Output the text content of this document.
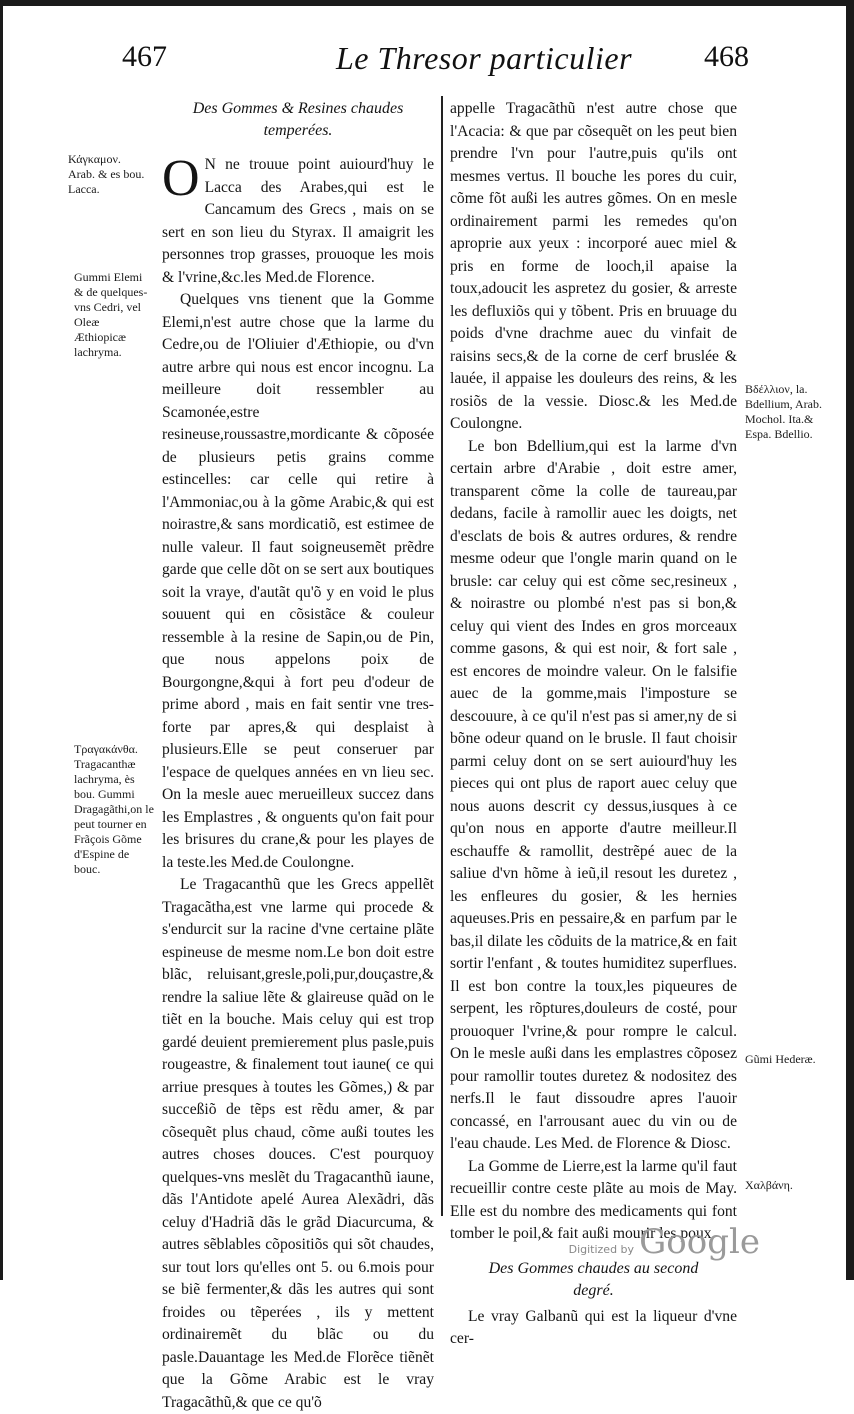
467	Le Thresor particulier 468
Des Gommes & Resines chaudes temperées.

O N ne trouue point auiourd'huy le Lacca des Arabes,qui est le Cancamum des Grecs , mais on se sert en son lieu du Styrax. Il amaigrit les personnes trop grasses, prouoque les mois & l'vrine,&c.les Med.de Florence.

Quelques vns tienent que la Gomme Elemi,n'est autre chose que la larme du Cedre,ou de l'Oliuier d'Æthiopie, ou d'vn autre arbre qui nous est encor incognu. La meilleure doit ressembler au Scamonée,estre resineuse,roussastre,mordicante & cõposée de plusieurs petis grains comme estincelles: car celle qui retire à l'Ammoniac,ou à la gõme Arabic,& qui est noirastre,& sans mordicatiõ, est estimee de nulle valeur. Il faut soigneusemẽt prẽdre garde que celle dõt on se sert aux boutiques soit la vraye, d'autãt qu'õ y en void le plus souuent qui en cõsistãce & couleur ressemble à la resine de Sapin,ou de Pin, que nous appelons poix de Bourgongne,&qui à fort peu d'odeur de prime abord , mais en fait sentir vne tres-forte par apres,& qui desplaist à plusieurs.Elle se peut conseruer par l'espace de quelques années en vn lieu sec. On la mesle auec merueilleux succez dans les Emplastres , & onguents qu'on fait pour les brisures du crane,& pour les playes de la teste.les Med.de Coulongne.

Le Tragacanthũ que les Grecs appellẽt Tragacãtha,est vne larme qui procede & s'endurcit sur la racine d'vne certaine plãte espineuse de mesme nom.Le bon doit estre blãc, reluisant,gresle,poli,pur,douçastre,& rendre la saliue lẽte & glaireuse quãd on le tiẽt en la bouche. Mais celuy qui est trop gardé deuient premierement plus pasle,puis rougeastre, & finalement tout iaune( ce qui arriue presques à toutes les Gõmes,) & par succeßiõ de tẽps est rẽdu amer, & par cõsequẽt plus chaud, cõme außi toutes les autres choses douces. C'est pourquoy quelques-vns meslẽt du Tragacanthũ iaune, dãs l'Antidote apelé Aurea Alexãdri, dãs celuy d'Hadriã dãs le grãd Diacurcuma, & autres sẽblables cõpositiõs qui sõt chaudes, sur tout lors qu'elles ont 5. ou 6.mois pour se biẽ fermenter,& dãs les autres qui sont froides ou tẽperées , ils y mettent ordinairemẽt du blãc ou du pasle.Dauantage les Med.de Florẽce tiẽnẽt que la Gõme Arabic est le vray Tragacãthũ,& que ce qu'õ

appelle Tragacãthũ n'est autre chose que l'Acacia: & que par cõsequẽt on les peut bien prendre l'vn pour l'autre,puis qu'ils ont mesmes vertus. Il bouche les pores du cuir, cõme fõt außi les autres gõmes. On en mesle ordinairement parmi les remedes qu'on aproprie aux yeux : incorporé auec miel & pris en forme de looch,il apaise la toux,adoucit les aspretez du gosier, & arreste les defluxiõs qui y tõbent. Pris en bruuage du poids d'vne drachme auec du vinfait de raisins secs,& de la corne de cerf bruslée & lauée, il appaise les douleurs des reins, & les rosiõs de la vessie. Diosc.& les Med.de Coulongne.

Le bon Bdellium,qui est la larme d'vn certain arbre d'Arabie , doit estre amer, transparent cõme la colle de taureau,par dedans, facile à ramollir auec les doigts, net d'esclats de bois & autres ordures, & rendre mesme odeur que l'ongle marin quand on le brusle: car celuy qui est cõme sec,resineux , & noirastre ou plombé n'est pas si bon,& celuy qui vient des Indes en gros morceaux comme gasons, & qui est noir, & fort sale , est encores de moindre valeur. On le falsifie auec de la gomme,mais l'imposture se descouure, à ce qu'il n'est pas si amer,ny de si bõne odeur quand on le brusle. Il faut choisir parmi celuy dont on se sert auiourd'huy les pieces qui ont plus de raport auec celuy que nous auons descrit cy dessus,iusques à ce qu'on nous en apporte d'autre meilleur.Il eschauffe & ramollit, destrẽpé auec de la saliue d'vn hõme à ieũ,il resout les duretez , les enfleures du gosier, & les hernies aqueuses.Pris en pessaire,& en parfum par le bas,il dilate les cõduits de la matrice,& en fait sortir l'enfant , & toutes humiditez superflues. Il est bon contre la toux,les piqueures de serpent, les rõptures,douleurs de costé, pour prouoquer l'vrine,& pour rompre le calcul. On le mesle außi dans les emplastres cõposez pour ramollir toutes duretez & nodositez des nerfs.Il le faut dissoudre apres l'auoir concassé, en l'arrousant auec du vin ou de l'eau chaude. Les Med. de Florence & Diosc.

La Gomme de Lierre,est la larme qu'il faut recueillir contre ceste plãte au mois de May. Elle est du nombre des medicaments qui font tomber le poil,& fait außi mourir les poux.

Des Gommes chaudes au second degré.

Le vray Galbanũ qui est la liqueur d'vne cer-

Κάγκαμον. Arab. & es bou. Lacca.
Gummi Elemi & de quelques-vns Cedri, vel Oleæ Æthiopicæ lachryma.
Τραγακάνθα. Tragacanthæ lachryma, ès bou. Gummi Dragagãthi,on le peut tourner en Frãçois Gõme d'Espine de bouc.
Βδέλλιον, la. Bdellium, Arab. Mochol. Ita.& Espa. Bdellio.
Gũmi Hederæ.
Χαλβάνη.
Digitized by Google
